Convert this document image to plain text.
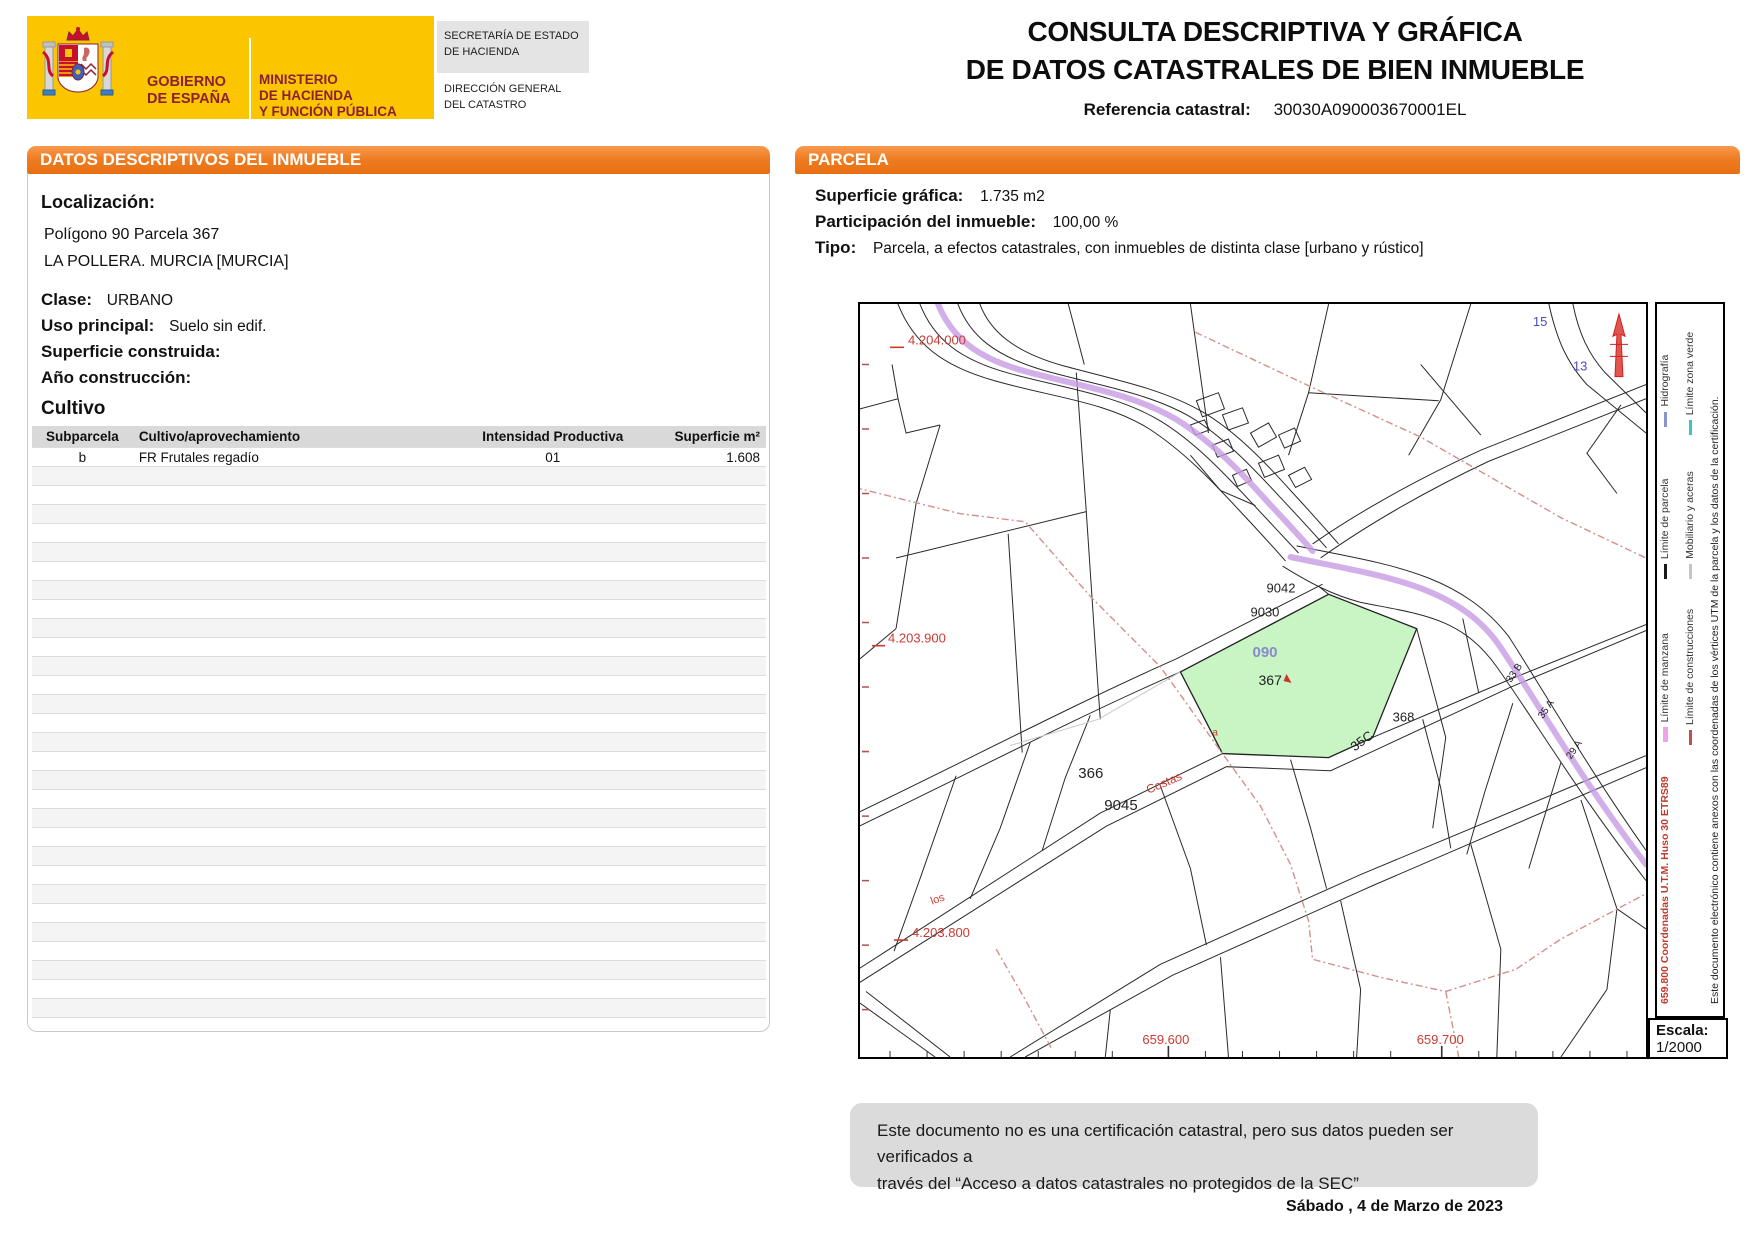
GOBIERNO
DE ESPAÑA
MINISTERIO
DE HACIENDA
Y FUNCIÓN PÚBLICA
SECRETARÍA DE ESTADO
DE HACIENDA
DIRECCIÓN GENERAL
DEL CATASTRO
CONSULTA DESCRIPTIVA Y GRÁFICA
DE DATOS CATASTRALES DE BIEN INMUEBLE
Referencia catastral: 30030A090003670001EL
DATOS DESCRIPTIVOS DEL INMUEBLE	PARCELA
Localización:
Polígono 90 Parcela 367
LA POLLERA. MURCIA [MURCIA]
Clase: URBANO
Uso principal: Suelo sin edif.
Superficie construida:
Año construcción:
Cultivo
Subparcela	Cultivo/aprovechamiento	Intensidad Productiva	Superficie m²
b	FR Frutales regadío	01	1.608

Superficie gráfica: 1.735 m2
Participación del inmueble: 100,00 %
Tipo: Parcela, a efectos catastrales, con inmuebles de distinta clase [urbano y rústico]
4.204.000
4.203.900
4.203.800
659.600	659.700
9042
9030
090
367
366
9045
368
15
13
a
Costas
los
35C
33 B
35 A
29 A
659.800 Coordenadas U.T.M. Huso 30 ETRS89
Límite de manzana
Límite de parcela
Hidrografía
Límite de construcciones
Mobiliario y aceras
Límite zona verde
Este documento electrónico contiene anexos con las coordenadas de los vértices UTM de la parcela y los datos de la certificación.
Escala:
1/2000
Este documento no es una certificación catastral, pero sus datos pueden ser verificados a
través del “Acceso a datos catastrales no protegidos de la SEC”
Sábado , 4 de Marzo de 2023
